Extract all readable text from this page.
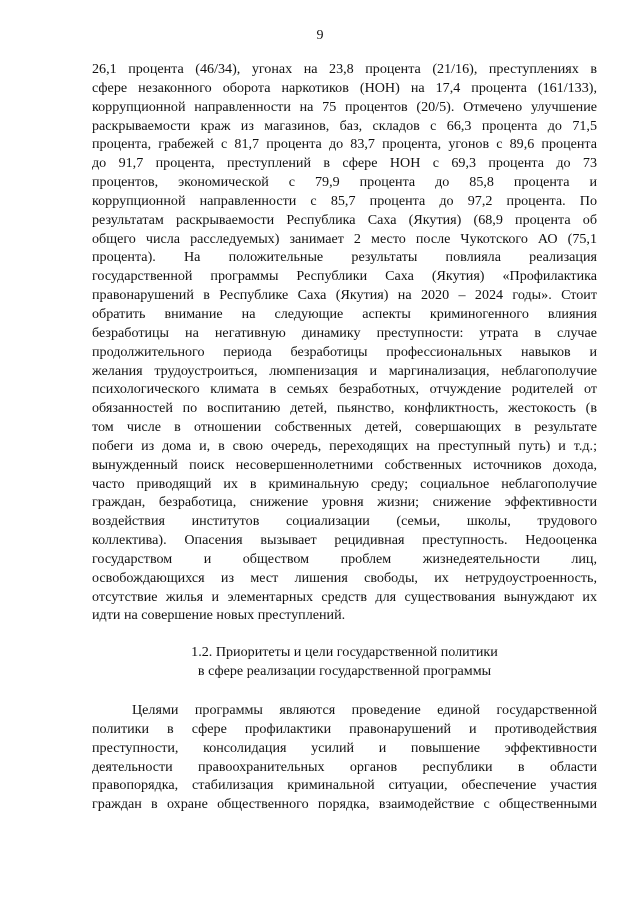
9
26,1 процента (46/34), угонах на 23,8 процента (21/16), преступлениях в
сфере незаконного оборота наркотиков (НОН) на 17,4 процента (161/133),
коррупционной направленности на 75 процентов (20/5). Отмечено улучшение
раскрываемости краж из магазинов, баз, складов с 66,3 процента до 71,5
процента, грабежей с 81,7 процента до 83,7 процента, угонов с 89,6 процента
до 91,7 процента, преступлений в сфере НОН с 69,3 процента до 73
процентов, экономической с 79,9 процента до 85,8 процента и
коррупционной направленности с 85,7 процента до 97,2 процента. По
результатам раскрываемости Республика Саха (Якутия) (68,9 процента об
общего числа расследуемых) занимает 2 место после Чукотского АО (75,1
процента). На положительные результаты повлияла реализация
государственной программы Республики Саха (Якутия) «Профилактика
правонарушений в Республике Саха (Якутия) на 2020 – 2024 годы». Стоит
обратить внимание на следующие аспекты криминогенного влияния
безработицы на негативную динамику преступности: утрата в случае
продолжительного периода безработицы профессиональных навыков и
желания трудоустроиться, люмпенизация и маргинализация, неблагополучие
психологического климата в семьях безработных, отчуждение родителей от
обязанностей по воспитанию детей, пьянство, конфликтность, жестокость (в
том числе в отношении собственных детей, совершающих в результате
побеги из дома и, в свою очередь, переходящих на преступный путь) и т.д.;
вынужденный поиск несовершеннолетними собственных источников дохода,
часто приводящий их в криминальную среду; социальное неблагополучие
граждан, безработица, снижение уровня жизни; снижение эффективности
воздействия институтов социализации (семьи, школы, трудового
коллектива). Опасения вызывает рецидивная преступность. Недооценка
государством и обществом проблем жизнедеятельности лиц,
освобождающихся из мест лишения свободы, их нетрудоустроенность,
отсутствие жилья и элементарных средств для существования вынуждают их
идти на совершение новых преступлений.
1.2. Приоритеты и цели государственной политики
в сфере реализации государственной программы
Целями программы являются проведение единой государственной
политики в сфере профилактики правонарушений и противодействия
преступности, консолидация усилий и повышение эффективности
деятельности правоохранительных органов республики в области
правопорядка, стабилизация криминальной ситуации, обеспечение участия
граждан в охране общественного порядка, взаимодействие с общественными
